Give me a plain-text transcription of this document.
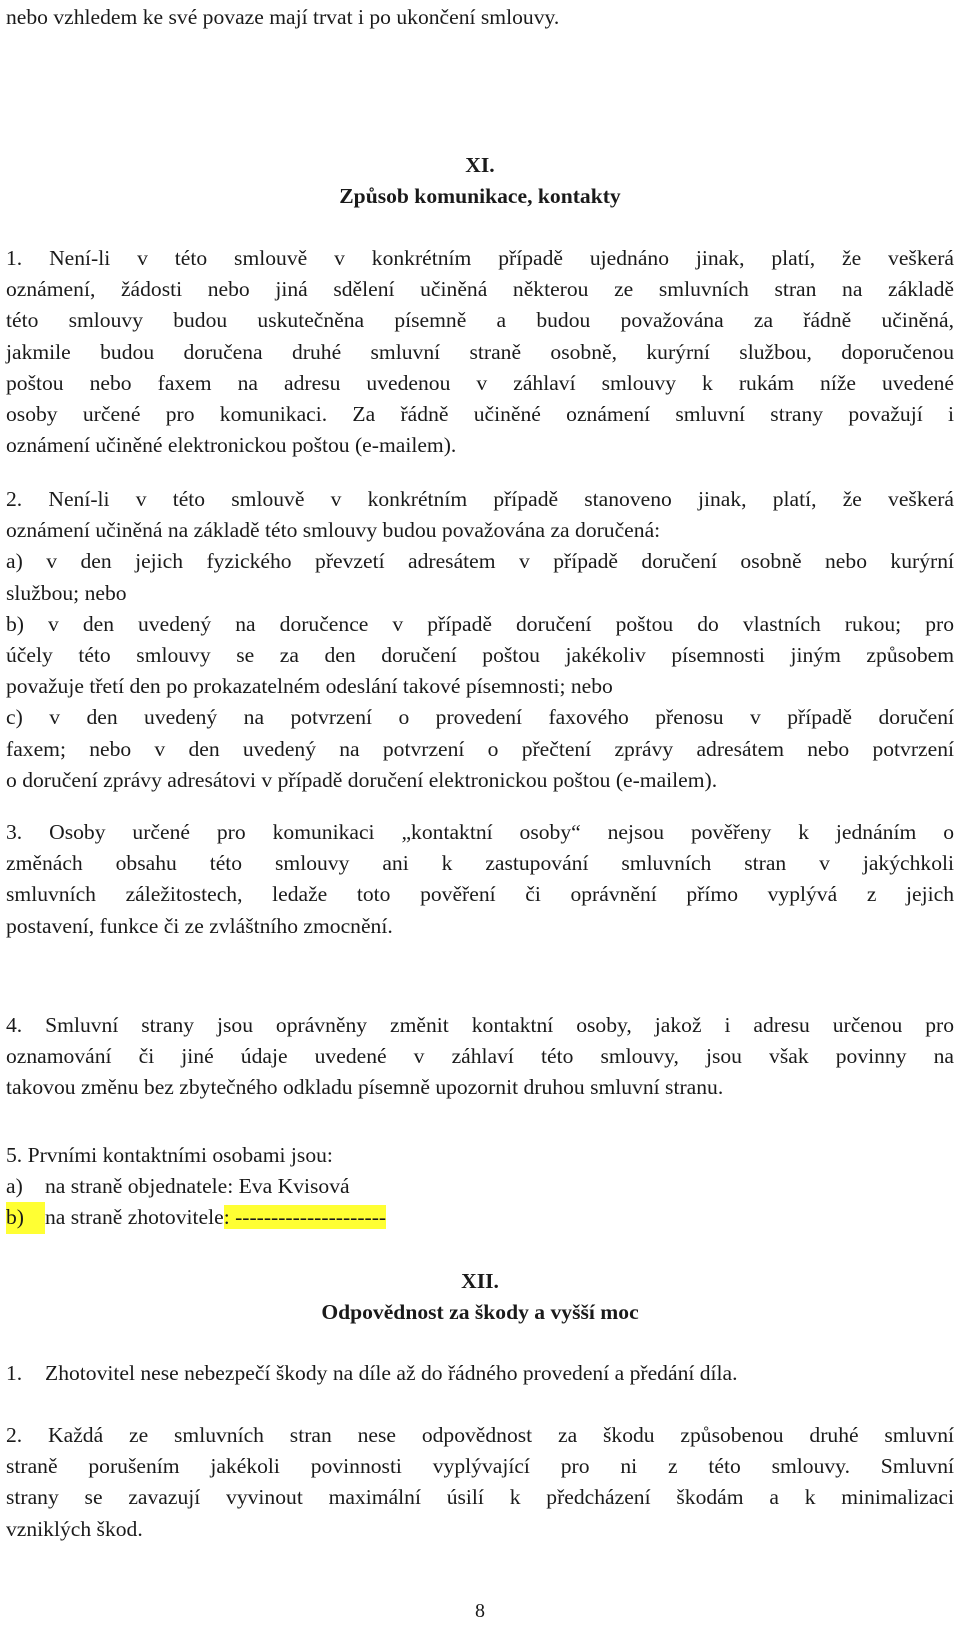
nebo vzhledem ke své povaze mají trvat i po ukončení smlouvy.

XI.
Způsob komunikace, kontakty
1. Není-li v této smlouvě v konkrétním případě ujednáno jinak, platí, že veškerá
oznámení, žádosti nebo jiná sdělení učiněná některou ze smluvních stran na základě
této smlouvy budou uskutečněna písemně a budou považována za řádně učiněná,
jakmile budou doručena druhé smluvní straně osobně, kurýrní službou, doporučenou
poštou nebo faxem na adresu uvedenou v záhlaví smlouvy k rukám níže uvedené
osoby určené pro komunikaci. Za řádně učiněné oznámení smluvní strany považují i
oznámení učiněné elektronickou poštou (e-mailem).
2. Není-li v této smlouvě v konkrétním případě stanoveno jinak, platí, že veškerá
oznámení učiněná na základě této smlouvy budou považována za doručená:
a) v den jejich fyzického převzetí adresátem v případě doručení osobně nebo kurýrní
službou; nebo
b) v den uvedený na doručence v případě doručení poštou do vlastních rukou; pro
účely této smlouvy se za den doručení poštou jakékoliv písemnosti jiným způsobem
považuje třetí den po prokazatelném odeslání takové písemnosti; nebo
c) v den uvedený na potvrzení o provedení faxového přenosu v případě doručení
faxem; nebo v den uvedený na potvrzení o přečtení zprávy adresátem nebo potvrzení
o doručení zprávy adresátovi v případě doručení elektronickou poštou (e-mailem).
3. Osoby určené pro komunikaci „kontaktní osoby“ nejsou pověřeny k jednáním o
změnách obsahu této smlouvy ani k zastupování smluvních stran v jakýchkoli
smluvních záležitostech, ledaže toto pověření či oprávnění přímo vyplývá z jejich
postavení, funkce či ze zvláštního zmocnění.
4. Smluvní strany jsou oprávněny změnit kontaktní osoby, jakož i adresu určenou pro
oznamování či jiné údaje uvedené v záhlaví této smlouvy, jsou však povinny na
takovou změnu bez zbytečného odkladu písemně upozornit druhou smluvní stranu.
5. Prvními kontaktními osobami jsou:
a) na straně objednatele: Eva Kvisová
b) na straně zhotovitele: ---------------------
XII.
Odpovědnost za škody a vyšší moc
1. Zhotovitel nese nebezpečí škody na díle až do řádného provedení a předání díla.
2. Každá ze smluvních stran nese odpovědnost za škodu způsobenou druhé smluvní
straně porušením jakékoli povinnosti vyplývající pro ni z této smlouvy. Smluvní
strany se zavazují vyvinout maximální úsilí k předcházení škodám a k minimalizaci
vzniklých škod.
8
